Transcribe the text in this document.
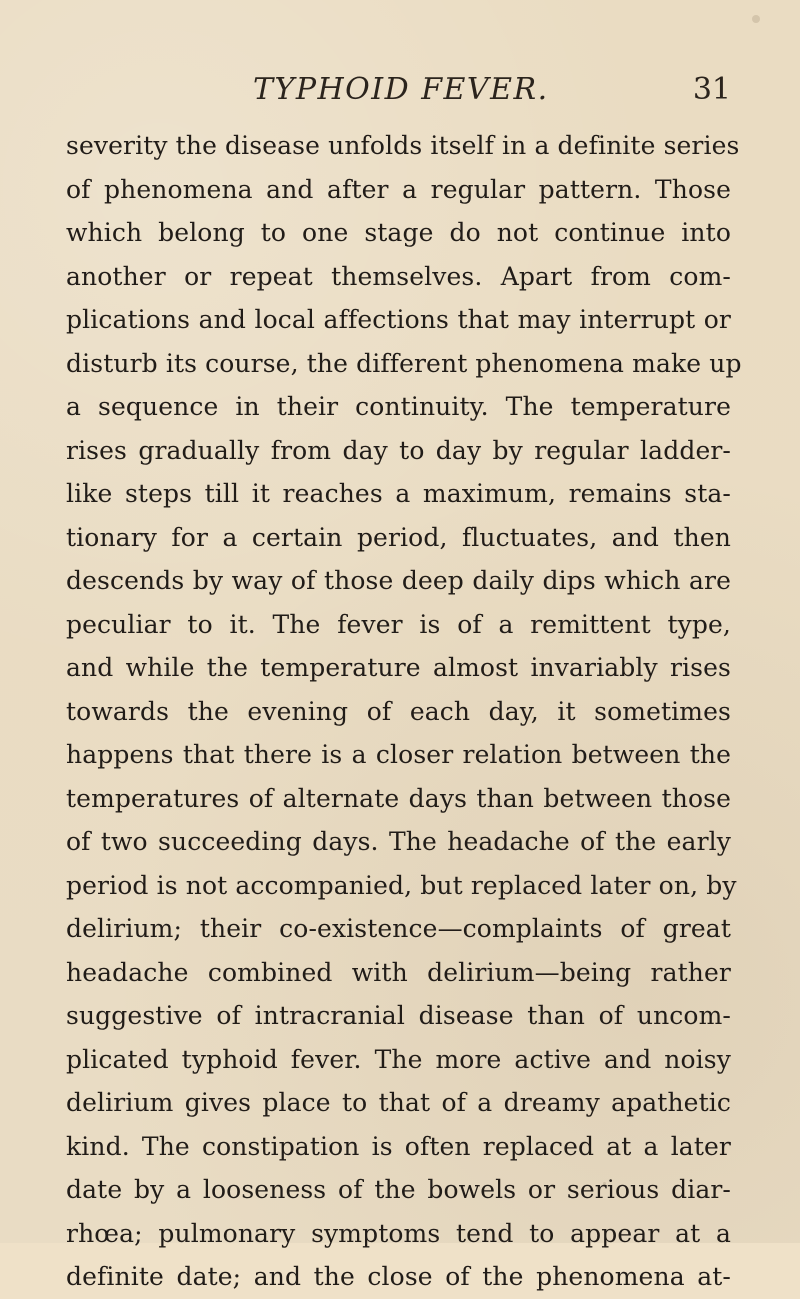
TYPHOID FEVER.	31
severity the disease unfolds itself in a definite series
of phenomena and after a regular pattern. Those
which belong to one stage do not continue into
another or repeat themselves. Apart from com-
plications and local affections that may interrupt or
disturb its course, the different phenomena make up
a sequence in their continuity. The temperature
rises gradually from day to day by regular ladder-
like steps till it reaches a maximum, remains sta-
tionary for a certain period, fluctuates, and then
descends by way of those deep daily dips which are
peculiar to it. The fever is of a remittent type,
and while the temperature almost invariably rises
towards the evening of each day, it sometimes
happens that there is a closer relation between the
temperatures of alternate days than between those
of two succeeding days. The headache of the early
period is not accompanied, but replaced later on, by
delirium; their co-existence—complaints of great
headache combined with delirium—being rather
suggestive of intracranial disease than of uncom-
plicated typhoid fever. The more active and noisy
delirium gives place to that of a dreamy apathetic
kind. The constipation is often replaced at a later
date by a looseness of the bowels or serious diar-
rhœa; pulmonary symptoms tend to appear at a
definite date; and the close of the phenomena at-
